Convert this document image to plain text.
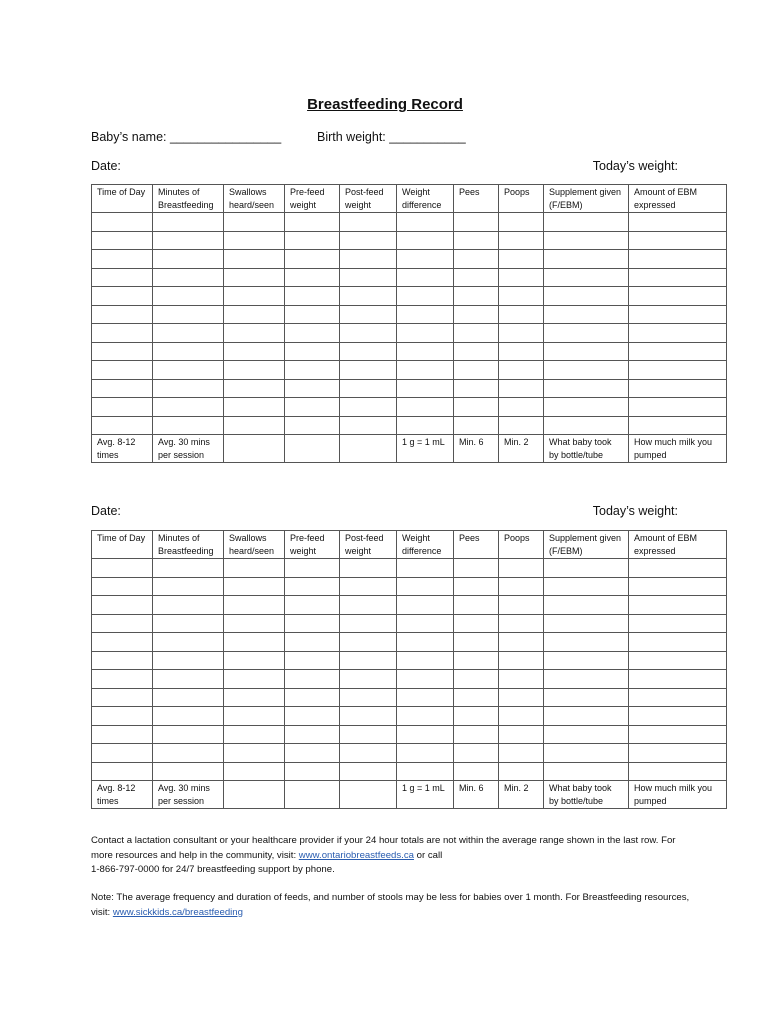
Breastfeeding Record
Baby’s name: ________________	Birth weight: ___________
Date:	Today’s weight:
Time of Day	Minutes of Breastfeeding	Swallows heard/seen	Pre-feed weight	Post-feed weight	Weight difference	Pees	Poops	Supplement given (F/EBM)	Amount of EBM expressed

Avg. 8-12 times	Avg. 30 mins per session				1 g = 1 mL	Min. 6	Min. 2	What baby took by bottle/tube	How much milk you pumped
Date:	Today’s weight:
Time of Day	Minutes of Breastfeeding	Swallows heard/seen	Pre-feed weight	Post-feed weight	Weight difference	Pees	Poops	Supplement given (F/EBM)	Amount of EBM expressed

Avg. 8-12 times	Avg. 30 mins per session				1 g = 1 mL	Min. 6	Min. 2	What baby took by bottle/tube	How much milk you pumped
Contact a lactation consultant or your healthcare provider if your 24 hour totals are not within the average range shown in the last row. For more resources and help in the community, visit: www.ontariobreastfeeds.ca or call
1-866-797-0000 for 24/7 breastfeeding support by phone.
Note: The average frequency and duration of feeds, and number of stools may be less for babies over 1 month. For Breastfeeding resources, visit: www.sickkids.ca/breastfeeding
